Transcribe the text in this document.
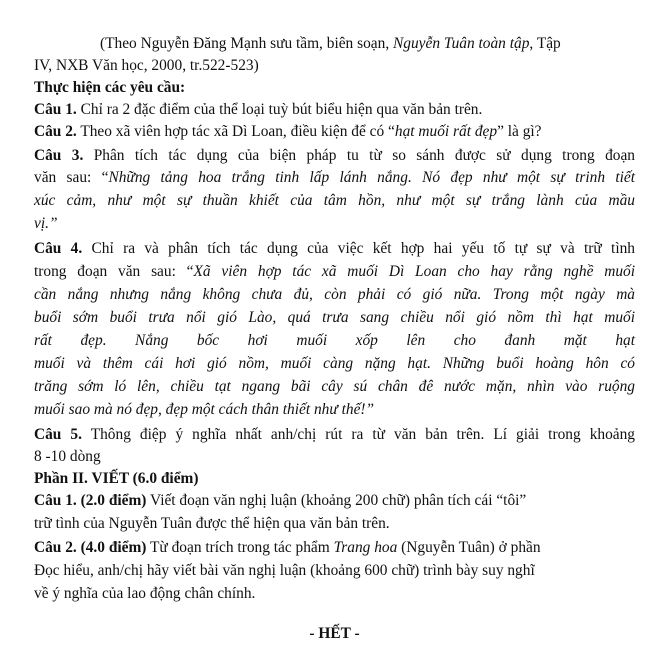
(Theo Nguyễn Đăng Mạnh sưu tầm, biên soạn, Nguyễn Tuân toàn tập, Tập
IV, NXB Văn học, 2000, tr.522-523)
Thực hiện các yêu cầu:
Câu 1. Chỉ ra 2 đặc điểm của thể loại tuỳ bút biểu hiện qua văn bản trên.
Câu 2. Theo xã viên hợp tác xã Dì Loan, điều kiện để có “hạt muối rất đẹp” là gì?
Câu 3. Phân tích tác dụng của biện pháp tu từ so sánh được sử dụng trong đoạn
văn sau: “Những tảng hoa trắng tinh lấp lánh nắng. Nó đẹp như một sự trinh tiết
xúc cảm, như một sự thuần khiết của tâm hồn, như một sự trắng lành của mầu
vị.”
Câu 4. Chỉ ra và phân tích tác dụng của việc kết hợp hai yếu tố tự sự và trữ tình
trong đoạn văn sau: “Xã viên hợp tác xã muối Dì Loan cho hay rằng nghề muối
cần nắng nhưng nắng không chưa đủ, còn phải có gió nữa. Trong một ngày mà
buổi sớm buổi trưa nổi gió Lào, quá trưa sang chiều nổi gió nồm thì hạt muối
rất đẹp. Nắng bốc hơi muối xốp lên cho đanh mặt hạt
muối và thêm cái hơi gió nồm, muối càng nặng hạt. Những buổi hoàng hôn có
trăng sớm ló lên, chiều tạt ngang bãi cây sú chân đê nước mặn, nhìn vào ruộng
muối sao mà nó đẹp, đẹp một cách thân thiết như thế!”
Câu 5. Thông điệp ý nghĩa nhất anh/chị rút ra từ văn bản trên. Lí giải trong khoảng
8 -10 dòng
Phần II. VIẾT (6.0 điểm)
Câu 1. (2.0 điểm) Viết đoạn văn nghị luận (khoảng 200 chữ) phân tích cái “tôi”
trữ tình của Nguyễn Tuân được thể hiện qua văn bản trên.
Câu 2. (4.0 điểm) Từ đoạn trích trong tác phẩm Trang hoa (Nguyễn Tuân) ở phần
Đọc hiểu, anh/chị hãy viết bài văn nghị luận (khoảng 600 chữ) trình bày suy nghĩ
về ý nghĩa của lao động chân chính.
- HẾT -
